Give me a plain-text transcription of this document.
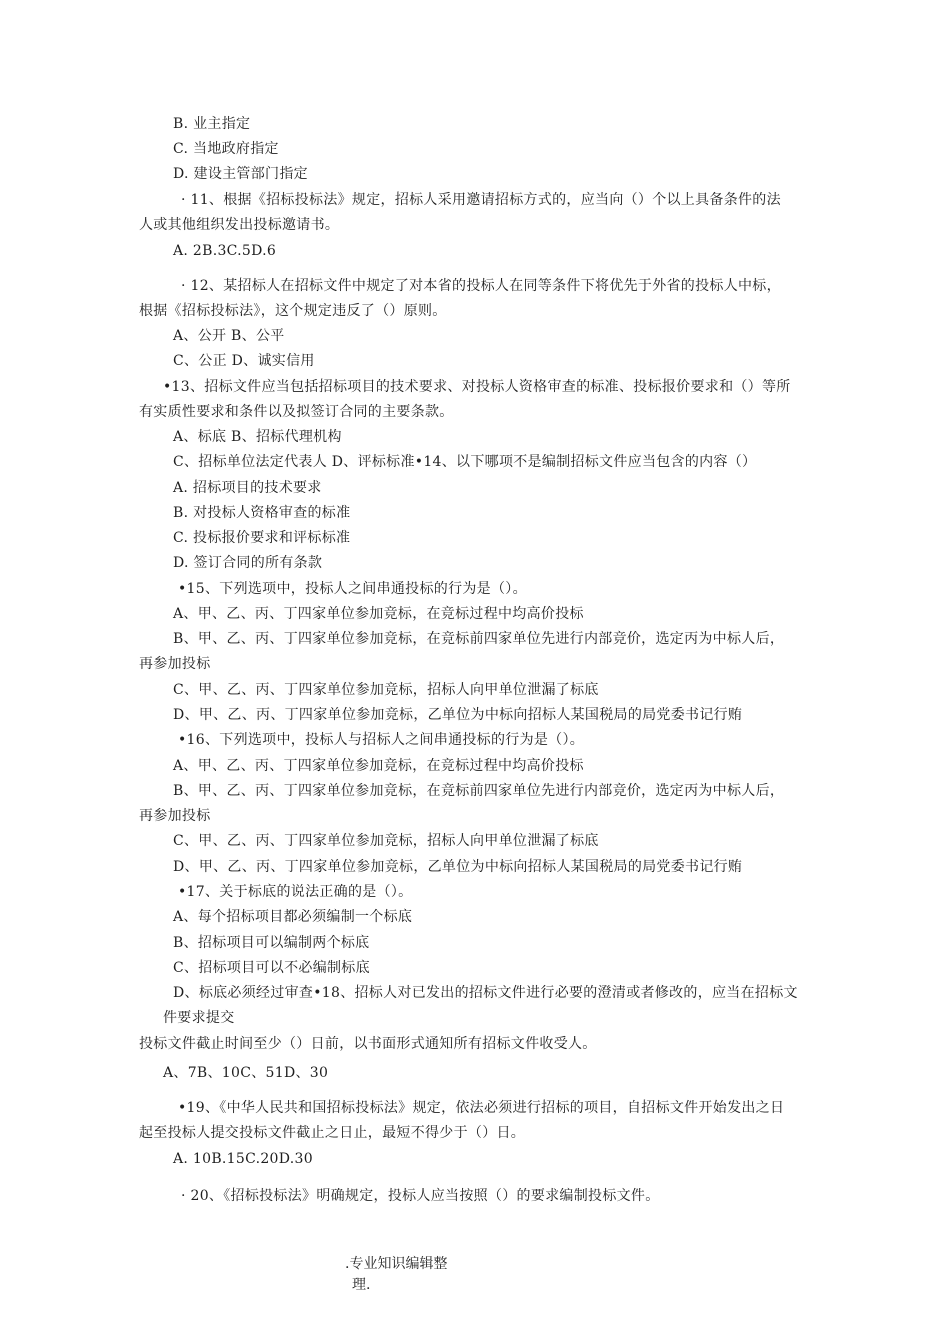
B. 业主指定
C. 当地政府指定
D. 建设主管部门指定
· 11、根据《招标投标法》规定，招标人采用邀请招标方式的，应当向（）个以上具备条件的法
人或其他组织发出投标邀请书。
A. 2B.3C.5D.6
· 12、某招标人在招标文件中规定了对本省的投标人在同等条件下将优先于外省的投标人中标，
根据《招标投标法》，这个规定违反了（）原则。
A、公开 B、公平
C、公正 D、诚实信用
•13、招标文件应当包括招标项目的技术要求、对投标人资格审查的标准、投标报价要求和（）等所
有实质性要求和条件以及拟签订合同的主要条款。
A、标底 B、招标代理机构
C、招标单位法定代表人 D、评标标准•14、以下哪项不是编制招标文件应当包含的内容（）
A. 招标项目的技术要求
B. 对投标人资格审查的标准
C. 投标报价要求和评标标准
D. 签订合同的所有条款
•15、下列选项中，投标人之间串通投标的行为是（）。
A、甲、乙、丙、丁四家单位参加竞标，在竞标过程中均高价投标
B、甲、乙、丙、丁四家单位参加竞标，在竞标前四家单位先进行内部竞价，选定丙为中标人后，
再参加投标
C、甲、乙、丙、丁四家单位参加竞标，招标人向甲单位泄漏了标底
D、甲、乙、丙、丁四家单位参加竞标，乙单位为中标向招标人某国税局的局党委书记行贿
•16、下列选项中，投标人与招标人之间串通投标的行为是（）。
A、甲、乙、丙、丁四家单位参加竞标，在竞标过程中均高价投标
B、甲、乙、丙、丁四家单位参加竞标，在竞标前四家单位先进行内部竞价，选定丙为中标人后，
再参加投标
C、甲、乙、丙、丁四家单位参加竞标，招标人向甲单位泄漏了标底
D、甲、乙、丙、丁四家单位参加竞标，乙单位为中标向招标人某国税局的局党委书记行贿
•17、关于标底的说法正确的是（）。
A、每个招标项目都必须编制一个标底
B、招标项目可以编制两个标底
C、招标项目可以不必编制标底
D、标底必须经过审查•18、招标人对已发出的招标文件进行必要的澄清或者修改的，应当在招标文
件要求提交
投标文件截止时间至少（）日前，以书面形式通知所有招标文件收受人。
A、7B、10C、51D、30
•19、《中华人民共和国招标投标法》规定，依法必须进行招标的项目，自招标文件开始发出之日
起至投标人提交投标文件截止之日止，最短不得少于（）日。
A. 10B.15C.20D.30
· 20、《招标投标法》明确规定，投标人应当按照（）的要求编制投标文件。
.专业知识编辑整
理.
